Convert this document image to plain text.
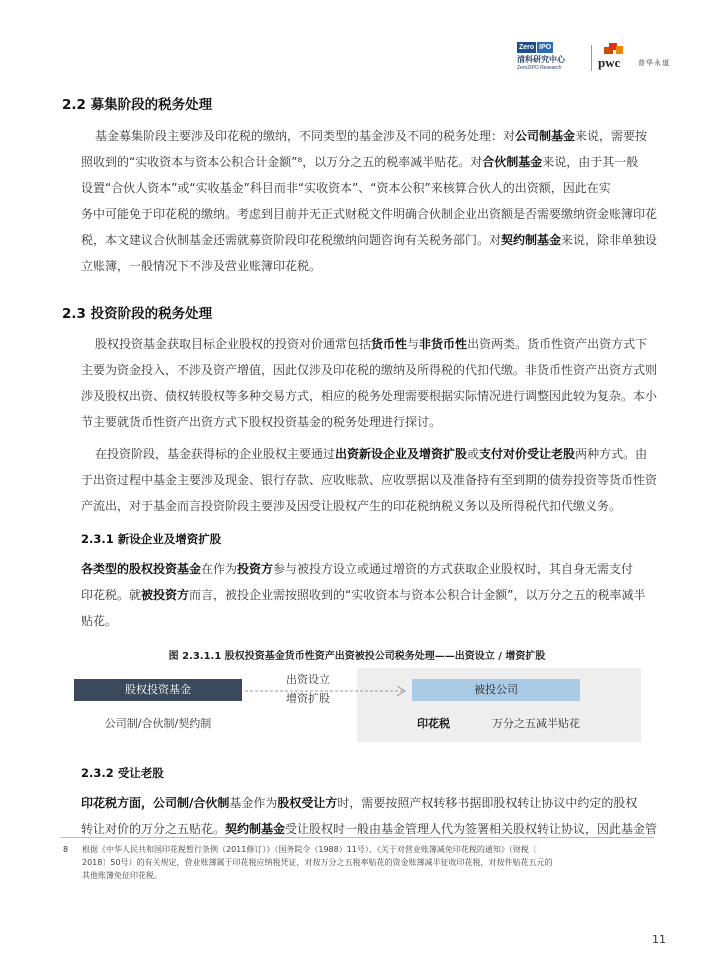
Zero IPO
清科研究中心
Zero2IPO Research	pwc	普华永道
2.2 募集阶段的税务处理
基金募集阶段主要涉及印花税的缴纳，不同类型的基金涉及不同的税务处理：对公司制基金来说，需要按
照收到的“实收资本与资本公积合计金额”⁸，以万分之五的税率减半贴花。对合伙制基金来说，由于其一般
设置“合伙人资本”或“实收基金”科目而非“实收资本”、“资本公积”来核算合伙人的出资额，因此在实
务中可能免于印花税的缴纳。考虑到目前并无正式财税文件明确合伙制企业出资额是否需要缴纳资金账簿印花
税，本文建议合伙制基金还需就募资阶段印花税缴纳问题咨询有关税务部门。对契约制基金来说，除非单独设
立账簿，一般情况下不涉及营业账簿印花税。
2.3 投资阶段的税务处理
股权投资基金获取目标企业股权的投资对价通常包括货币性与非货币性出资两类。货币性资产出资方式下
主要为资金投入，不涉及资产增值，因此仅涉及印花税的缴纳及所得税的代扣代缴。非货币性资产出资方式则
涉及股权出资、债权转股权等多种交易方式，相应的税务处理需要根据实际情况进行调整因此较为复杂。本小
节主要就货币性资产出资方式下股权投资基金的税务处理进行探讨。
在投资阶段，基金获得标的企业股权主要通过出资新设企业及增资扩股或支付对价受让老股两种方式。由
于出资过程中基金主要涉及现金、银行存款、应收账款、应收票据以及准备持有至到期的债券投资等货币性资
产流出，对于基金而言投资阶段主要涉及因受让股权产生的印花税纳税义务以及所得税代扣代缴义务。
2.3.1 新设企业及增资扩股
各类型的股权投资基金在作为投资方参与被投方设立或通过增资的方式获取企业股权时，其自身无需支付
印花税。就被投资方而言，被投企业需按照收到的“实收资本与资本公积合计金额”，以万分之五的税率减半
贴花。
图 2.3.1.1 股权投资基金货币性资产出资被投公司税务处理——出资设立 / 增资扩股
股权投资基金
公司制/合伙制/契约制
出资设立
增资扩股
被投公司
印花税	万分之五减半贴花
2.3.2 受让老股
印花税方面，公司制/合伙制基金作为股权受让方时，需要按照产权转移书据即股权转让协议中约定的股权
转让对价的万分之五贴花。契约制基金受让股权时一般由基金管理人代为签署相关股权转让协议，因此基金管
8 根据《中华人民共和国印花税暂行条例（2011修订）》（国务院令（1988）11号）、《关于对营业账簿减免印花税的通知》（财税〔
2018〕50号）的有关规定，营业账簿属于印花税应纳税凭证，对按万分之五税率贴花的资金账簿减半征收印花税，对按件贴花五元的
其他账簿免征印花税。
11
